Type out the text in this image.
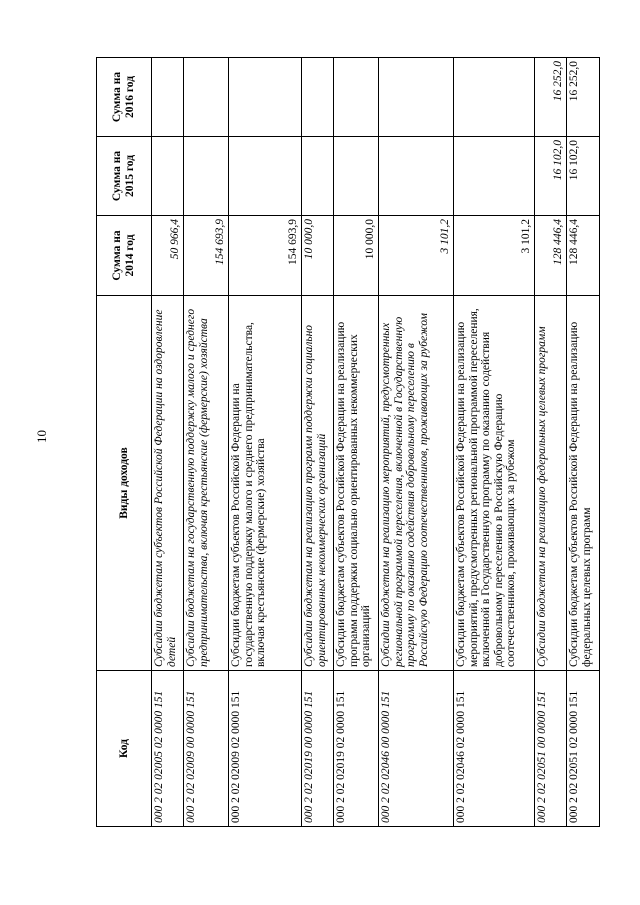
10
Код	Виды доходов	Сумма на 2014 год	Сумма на 2015 год	Сумма на 2016 год
000 2 02 02005 02 0000 151	Субсидии бюджетам субъектов Российской Федерации на оздоровление детей	50 966,4		
000 2 02 02009 00 0000 151	Субсидии бюджетам на государственную поддержку малого и среднего предпринимательства, включая крестьянские (фермерские) хозяйства	154 693,9		
000 2 02 02009 02 0000 151	Субсидии бюджетам субъектов Российской Федерации на государственную поддержку малого и среднего предпринимательства, включая крестьянские (фермерские) хозяйства	154 693,9		
000 2 02 02019 00 0000 151	Субсидии бюджетам на реализацию программ поддержки социально ориентированных некоммерческих организаций	10 000,0		
000 2 02 02019 02 0000 151	Субсидии бюджетам субъектов Российской Федерации на реализацию программ поддержки социально ориентированных некоммерческих организаций	10 000,0		
000 2 02 02046 00 0000 151	Субсидии бюджетам на реализацию мероприятий, предусмотренных региональной программой переселения, включенной в Государственную программу по оказанию содействия добровольному переселению в Российскую Федерацию соотечественников, проживающих за рубежом	3 101,2		
000 2 02 02046 02 0000 151	Субсидии бюджетам субъектов Российской Федерации на реализацию мероприятий, предусмотренных региональной программой переселения, включенной в Государственную программу по оказанию содействия добровольному переселению в Российскую Федерацию соотечественников, проживающих за рубежом	3 101,2		
000 2 02 02051 00 0000 151	Субсидии бюджетам на реализацию федеральных целевых программ	128 446,4	16 102,0	16 252,0
000 2 02 02051 02 0000 151	Субсидии бюджетам субъектов Российской Федерации на реализацию федеральных целевых программ	128 446,4	16 102,0	16 252,0
